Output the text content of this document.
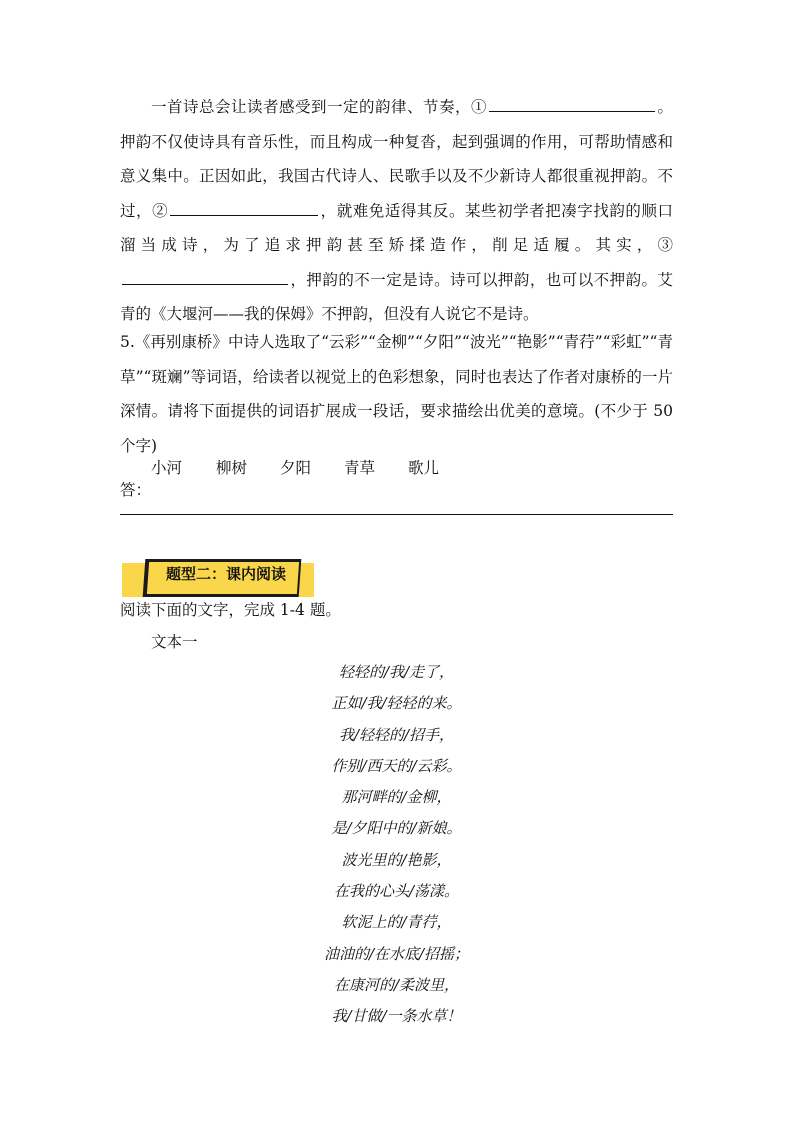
一首诗总会让读者感受到一定的韵律、节奏，①	。押韵不仅使诗具有音乐性，而且构成一种复沓，起到强调的作用，可帮助情感和意义集中。正因如此，我国古代诗人、民歌手以及不少新诗人都很重视押韵。不过，②	，就难免适得其反。某些初学者把凑字找韵的顺口溜当成诗，为了追求押韵甚至矫揉造作，削足适履。其实，③，押韵的不一定是诗。诗可以押韵，也可以不押韵。艾青的《大堰河——我的保姆》不押韵，但没有人说它不是诗。

5.《再别康桥》中诗人选取了“云彩”“金柳”“夕阳”“波光”“艳影”“青荇”“彩虹”“青草”“斑斓”等词语，给读者以视觉上的色彩想象，同时也表达了作者对康桥的一片深情。请将下面提供的词语扩展成一段话，要求描绘出优美的意境。(不少于 50 个字)

小河	柳树	夕阳	青草	歌儿
答：
题型二：课内阅读
阅读下面的文字，完成 1-4 题。
文本一
轻轻的/我/走了，
正如/我/轻轻的来。
我/轻轻的/招手，
作别/西天的/云彩。
那河畔的/金柳，
是/夕阳中的/新娘。
波光里的/艳影，
在我的心头/荡漾。
软泥上的/青荇，
油油的/在水底/招摇；
在康河的/柔波里，
我/甘做/一条水草！
